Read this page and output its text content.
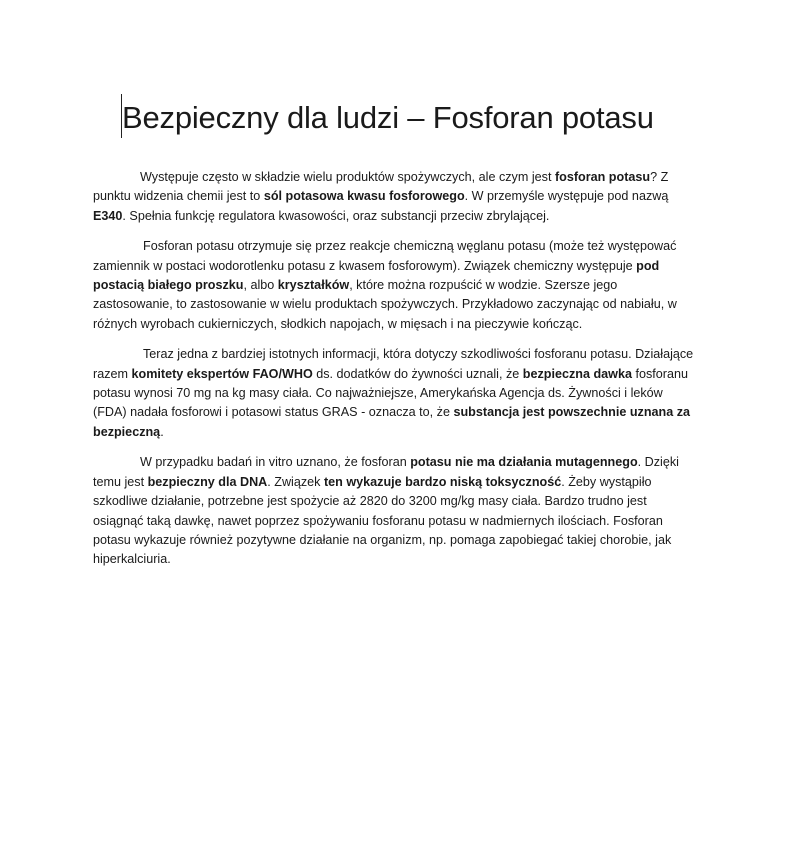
Bezpieczny dla ludzi – Fosforan potasu

Występuje często w składzie wielu produktów spożywczych, ale czym jest fosforan potasu? Z punktu widzenia chemii jest to sól potasowa kwasu fosforowego. W przemyśle występuje pod nazwą E340. Spełnia funkcję regulatora kwasowości, oraz substancji przeciw zbrylającej.

Fosforan potasu otrzymuje się przez reakcje chemiczną węglanu potasu (może też występować zamiennik w postaci wodorotlenku potasu z kwasem fosforowym). Związek chemiczny występuje pod postacią białego proszku, albo kryształków, które można rozpuścić w wodzie. Szersze jego zastosowanie, to zastosowanie w wielu produktach spożywczych. Przykładowo zaczynając od nabiału, w różnych wyrobach cukierniczych, słodkich napojach, w mięsach i na pieczywie kończąc.

Teraz jedna z bardziej istotnych informacji, która dotyczy szkodliwości fosforanu potasu. Działające razem komitety ekspertów FAO/WHO ds. dodatków do żywności uznali, że bezpieczna dawka fosforanu potasu wynosi 70 mg na kg masy ciała. Co najważniejsze, Amerykańska Agencja ds. Żywności i leków (FDA) nadała fosforowi i potasowi status GRAS - oznacza to, że substancja jest powszechnie uznana za bezpieczną.

W przypadku badań in vitro uznano, że fosforan potasu nie ma działania mutagennego. Dzięki temu jest bezpieczny dla DNA. Związek ten wykazuje bardzo niską toksyczność. Żeby wystąpiło szkodliwe działanie, potrzebne jest spożycie aż 2820 do 3200 mg/kg masy ciała. Bardzo trudno jest osiągnąć taką dawkę, nawet poprzez spożywaniu fosforanu potasu w nadmiernych ilościach. Fosforan potasu wykazuje również pozytywne działanie na organizm, np. pomaga zapobiegać takiej chorobie, jak hiperkalciuria.
